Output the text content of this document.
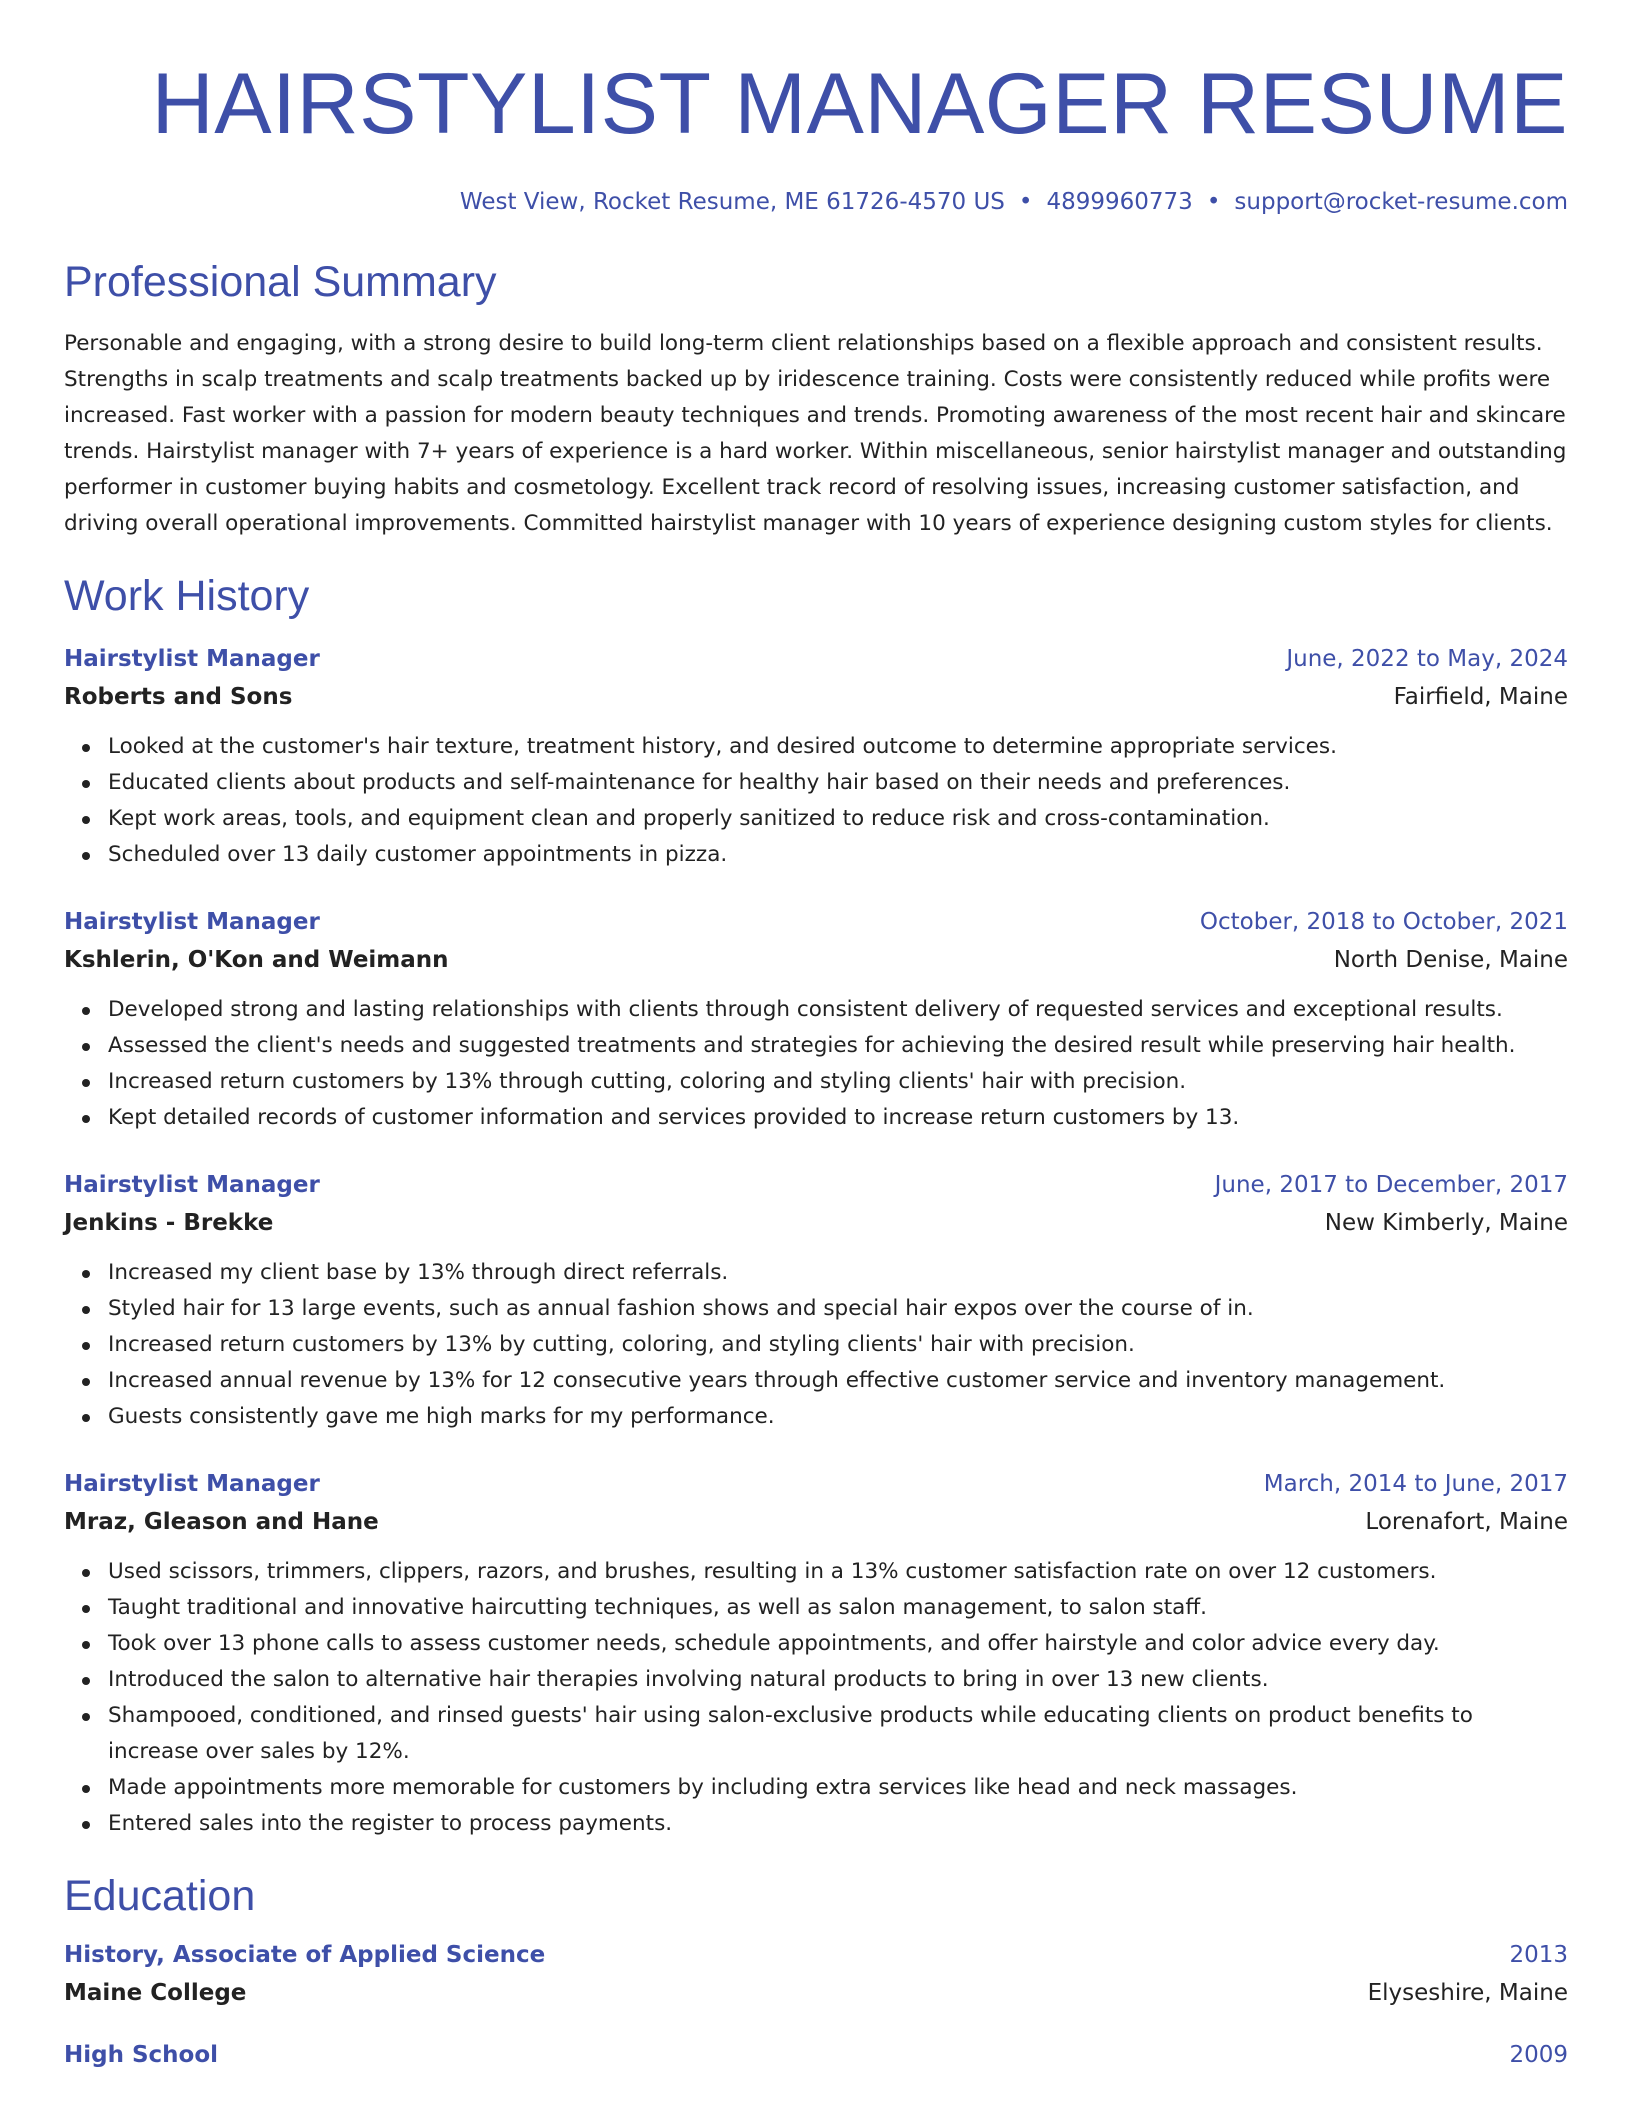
HAIRSTYLIST MANAGER RESUME
West View, Rocket Resume, ME 61726-4570 US • 4899960773 • support@rocket-resume.com
Professional Summary

Personable and engaging, with a strong desire to build long-term client relationships based on a flexible approach and consistent results. Strengths in scalp treatments and scalp treatments backed up by iridescence training. Costs were consistently reduced while profits were increased. Fast worker with a passion for modern beauty techniques and trends. Promoting awareness of the most recent hair and skincare trends. Hairstylist manager with 7+ years of experience is a hard worker. Within miscellaneous, senior hairstylist manager and outstanding performer in customer buying habits and cosmetology. Excellent track record of resolving issues, increasing customer satisfaction, and driving overall operational improvements. Committed hairstylist manager with 10 years of experience designing custom styles for clients.

Work History
Hairstylist Manager	June, 2022 to May, 2024
Roberts and Sons	Fairfield, Maine
Looked at the customer's hair texture, treatment history, and desired outcome to determine appropriate services.
Educated clients about products and self-maintenance for healthy hair based on their needs and preferences.
Kept work areas, tools, and equipment clean and properly sanitized to reduce risk and cross-contamination.
Scheduled over 13 daily customer appointments in pizza.
Hairstylist Manager	October, 2018 to October, 2021
Kshlerin, O'Kon and Weimann	North Denise, Maine
Developed strong and lasting relationships with clients through consistent delivery of requested services and exceptional results.
Assessed the client's needs and suggested treatments and strategies for achieving the desired result while preserving hair health.
Increased return customers by 13% through cutting, coloring and styling clients' hair with precision.
Kept detailed records of customer information and services provided to increase return customers by 13.
Hairstylist Manager	June, 2017 to December, 2017
Jenkins - Brekke	New Kimberly, Maine
Increased my client base by 13% through direct referrals.
Styled hair for 13 large events, such as annual fashion shows and special hair expos over the course of in.
Increased return customers by 13% by cutting, coloring, and styling clients' hair with precision.
Increased annual revenue by 13% for 12 consecutive years through effective customer service and inventory management.
Guests consistently gave me high marks for my performance.
Hairstylist Manager	March, 2014 to June, 2017
Mraz, Gleason and Hane	Lorenafort, Maine
Used scissors, trimmers, clippers, razors, and brushes, resulting in a 13% customer satisfaction rate on over 12 customers.
Taught traditional and innovative haircutting techniques, as well as salon management, to salon staff.
Took over 13 phone calls to assess customer needs, schedule appointments, and offer hairstyle and color advice every day.
Introduced the salon to alternative hair therapies involving natural products to bring in over 13 new clients.
Shampooed, conditioned, and rinsed guests' hair using salon-exclusive products while educating clients on product benefits to increase over sales by 12%.
Made appointments more memorable for customers by including extra services like head and neck massages.
Entered sales into the register to process payments.
Education
History, Associate of Applied Science	2013
Maine College	Elyseshire, Maine
High School	2009
